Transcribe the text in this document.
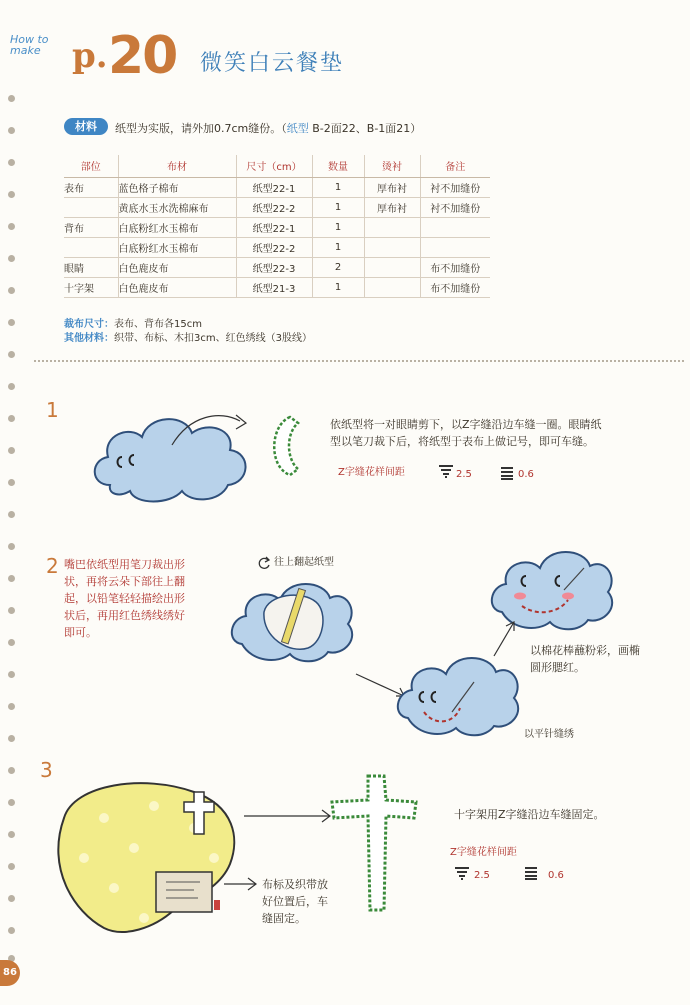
How to make p. 20 微笑白云餐垫
材料	纸型为实版，请外加0.7cm缝份。（纸型 B-2面22、B-1面21）
部位	布材	尺寸（cm）	数量	烫衬	备注
表布	蓝色格子棉布	纸型22-1	1	厚布衬	衬不加缝份
	黄底水玉水洗棉麻布	纸型22-2	1	厚布衬	衬不加缝份
背布	白底粉红水玉棉布	纸型22-1	1		
	白底粉红水玉棉布	纸型22-2	1		
眼睛	白色鹿皮布	纸型22-3	2		布不加缝份
十字架	白色鹿皮布	纸型21-3	1		布不加缝份
裁布尺寸：表布、背布各15cm
其他材料：织带、布标、木扣3cm、红色绣线（3股线）
1
依纸型将一对眼睛剪下，以Z字缝沿边车缝一圈。眼睛纸
型以笔刀裁下后，将纸型于表布上做记号，即可车缝。
Z字缝花样间距	2.5	0.6
2 嘴巴依纸型用笔刀裁出形
状，再将云朵下部往上翻
起，以铅笔轻轻描绘出形
状后，再用红色绣线绣好
即可。
往上翻起纸型
以棉花棒蘸粉彩，画椭
圆形腮红。
以平针缝绣
3
布标及织带放
好位置后，车
缝固定。
十字架用Z字缝沿边车缝固定。
Z字缝花样间距
2.5	0.6
86
